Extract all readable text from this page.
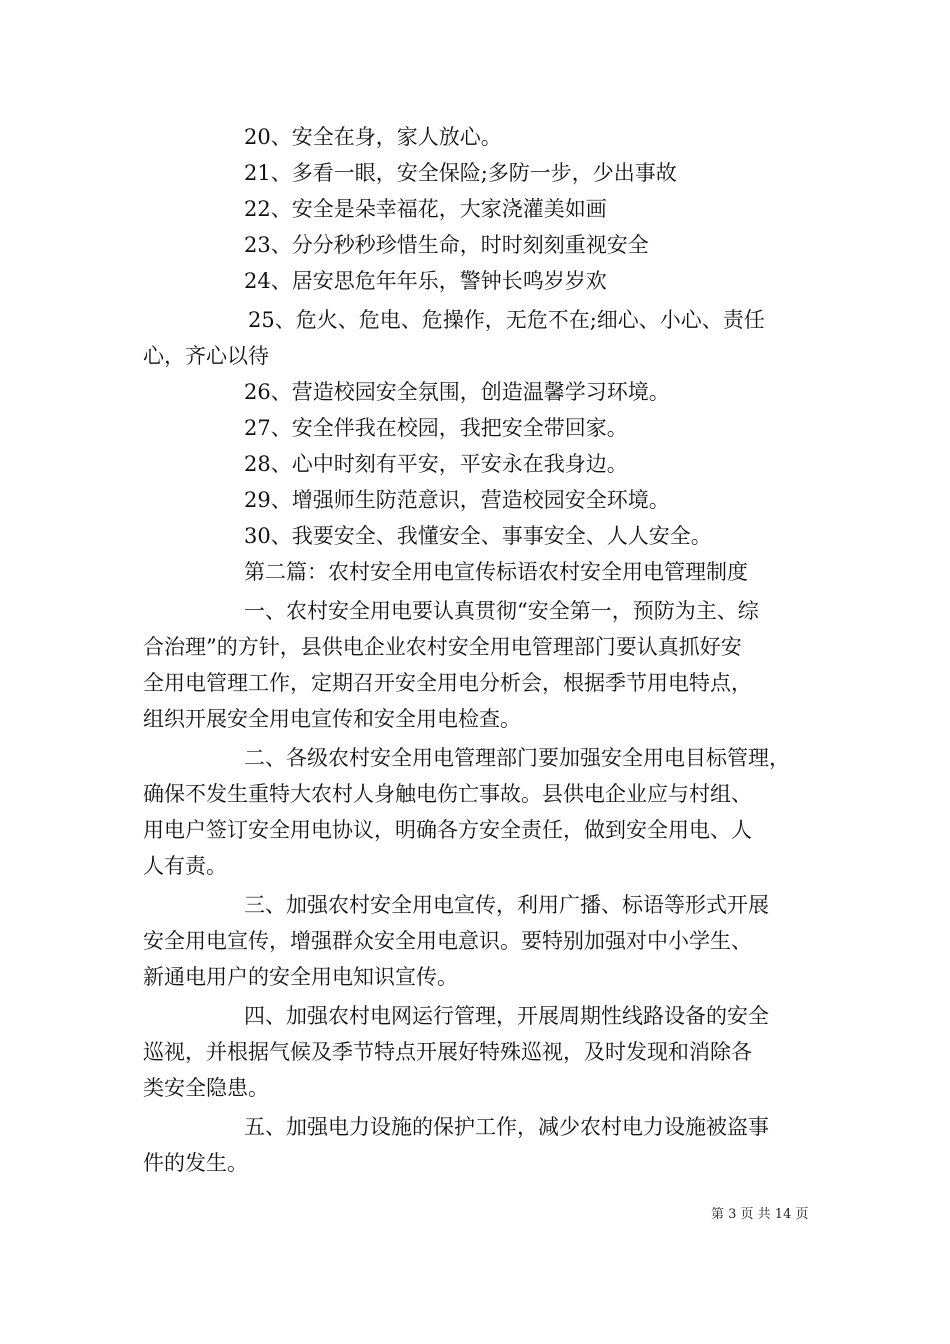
20、安全在身，家人放心。
21、多看一眼，安全保险;多防一步，少出事故
22、安全是朵幸福花，大家浇灌美如画
23、分分秒秒珍惜生命，时时刻刻重视安全
24、居安思危年年乐，警钟长鸣岁岁欢
25、危火、危电、危操作，无危不在;细心、小心、责任
心，齐心以待
26、营造校园安全氛围，创造温馨学习环境。
27、安全伴我在校园，我把安全带回家。
28、心中时刻有平安，平安永在我身边。
29、增强师生防范意识，营造校园安全环境。
30、我要安全、我懂安全、事事安全、人人安全。
第二篇：农村安全用电宣传标语农村安全用电管理制度
一、农村安全用电要认真贯彻“安全第一，预防为主、综
合治理”的方针，县供电企业农村安全用电管理部门要认真抓好安
全用电管理工作，定期召开安全用电分析会，根据季节用电特点，
组织开展安全用电宣传和安全用电检查。
二、各级农村安全用电管理部门要加强安全用电目标管理，
确保不发生重特大农村人身触电伤亡事故。县供电企业应与村组、
用电户签订安全用电协议，明确各方安全责任，做到安全用电、人
人有责。
三、加强农村安全用电宣传，利用广播、标语等形式开展
安全用电宣传，增强群众安全用电意识。要特别加强对中小学生、
新通电用户的安全用电知识宣传。
四、加强农村电网运行管理，开展周期性线路设备的安全
巡视，并根据气候及季节特点开展好特殊巡视，及时发现和消除各
类安全隐患。
五、加强电力设施的保护工作，减少农村电力设施被盗事
件的发生。
第 3 页 共 14 页
